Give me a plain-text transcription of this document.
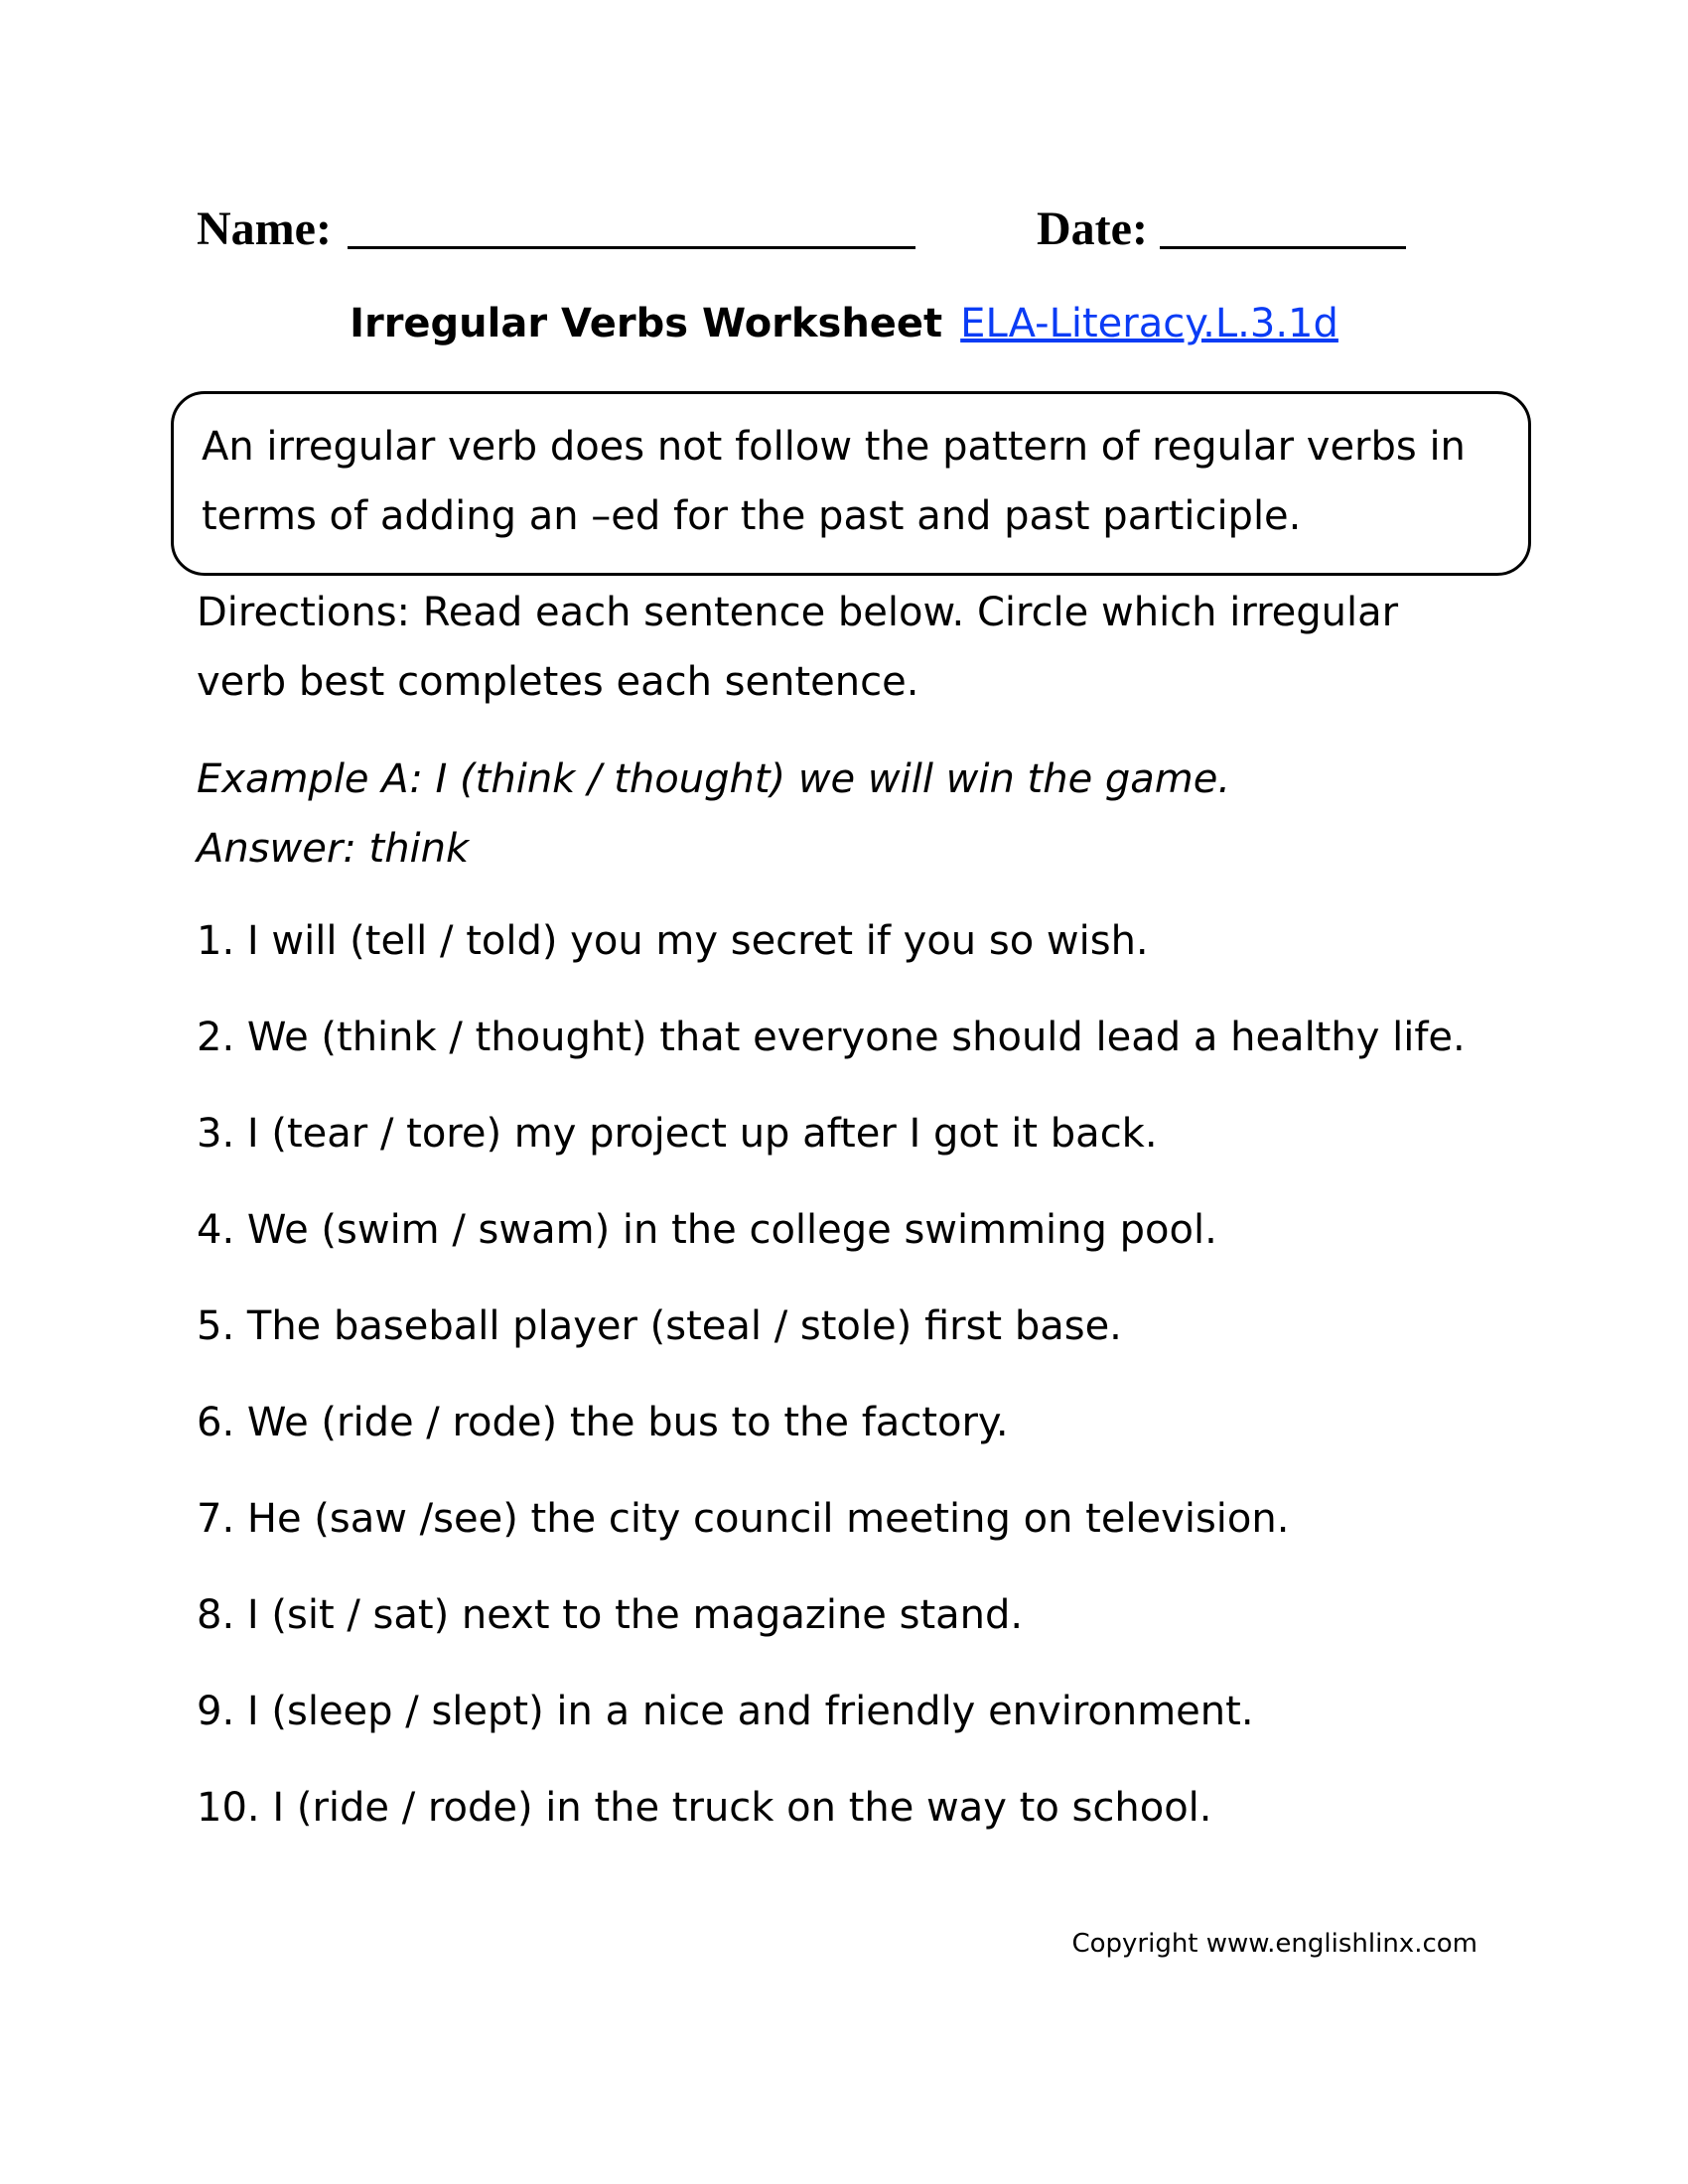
Name:	Date:
Irregular Verbs Worksheet ELA-Literacy.L.3.1d
An irregular verb does not follow the pattern of regular verbs in terms of adding an –ed for the past and past participle.
Directions: Read each sentence below. Circle which irregular verb best completes each sentence.
Example A: I (think / thought) we will win the game.
Answer: think
1. I will (tell / told) you my secret if you so wish.
2. We (think / thought) that everyone should lead a healthy life.
3. I (tear / tore) my project up after I got it back.
4. We (swim / swam) in the college swimming pool.
5. The baseball player (steal / stole) first base.
6. We (ride / rode) the bus to the factory.
7. He (saw /see) the city council meeting on television.
8. I (sit / sat) next to the magazine stand.
9. I (sleep / slept) in a nice and friendly environment.
10. I (ride / rode) in the truck on the way to school.
Copyright www.englishlinx.com
